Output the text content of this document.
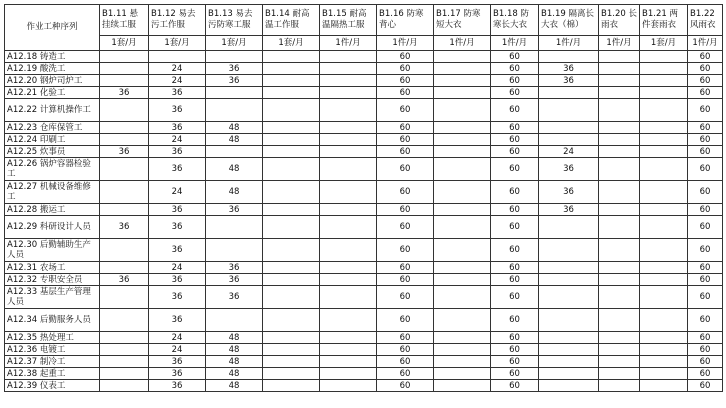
作业工种序列	B1.11 悬挂续工服	B1.12 易去污工作服	B1.13 易去污防寒工服	B1.14 耐高温工作服	B1.15 耐高温隔热工服	B1.16 防寒背心	B1.17 防寒短大衣	B1.18 防寒长大衣	B1.19 隔离长大衣（棉）	B1.20 长雨衣	B1.21 两件套雨衣	B1.22 风雨衣
	1套/月	1套/月	1套/月	1套/月	1件/月	1件/月	1件/月	1件/月	1件/月	1件/月	1套/月	1件/月
A12.18 铸造工						60		60				60
A12.19 酸洗工		24	36			60		60	36			60
A12.20 钢炉司炉工		24	36			60		60	36			60
A12.21 化验工	36	36				60		60				60
A12.22 计算机操作工		36				60		60				60
A12.23 仓库保管工		36	48			60		60				60
A12.24 印刷工		24	48			60		60				60
A12.25 炊事员	36	36				60		60	24			60
A12.26 锅炉容器检验工		36	48			60		60	36			60
A12.27 机械设备维修工		24	48			60		60	36			60
A12.28 搬运工		36	36			60		60	36			60
A12.29 科研设计人员	36	36				60		60				60
A12.30 后勤辅助生产人员		36				60		60				60
A12.31 农场工		24	36			60		60				60
A12.32 专职安全员	36	36	36			60		60				60
A12.33 基层生产管理人员		36	36			60		60				60
A12.34 后勤服务人员		36				60		60				60
A12.35 热处理工		24	48			60		60				60
A12.36 电镀工		24	48			60		60				60
A12.37 制冷工		36	48			60		60				60
A12.38 起重工		36	48			60		60				60
A12.39 仪表工		36	48			60		60				60
